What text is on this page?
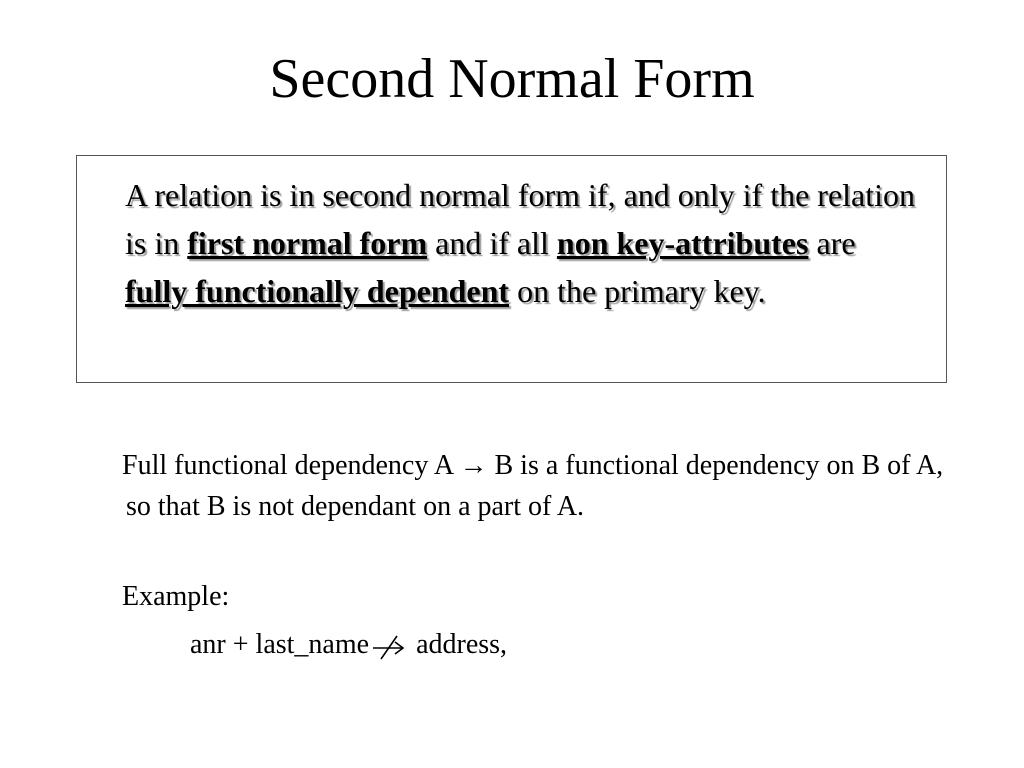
Second Normal Form

A relation is in second normal form if, and only if the relation is in first normal form and if all non key-attributes are fully functionally dependent on the primary key.

Full functional dependency A → B is a functional dependency on B of A, so that B is not dependant on a part of A.

Example:

anr + last_name
address,
